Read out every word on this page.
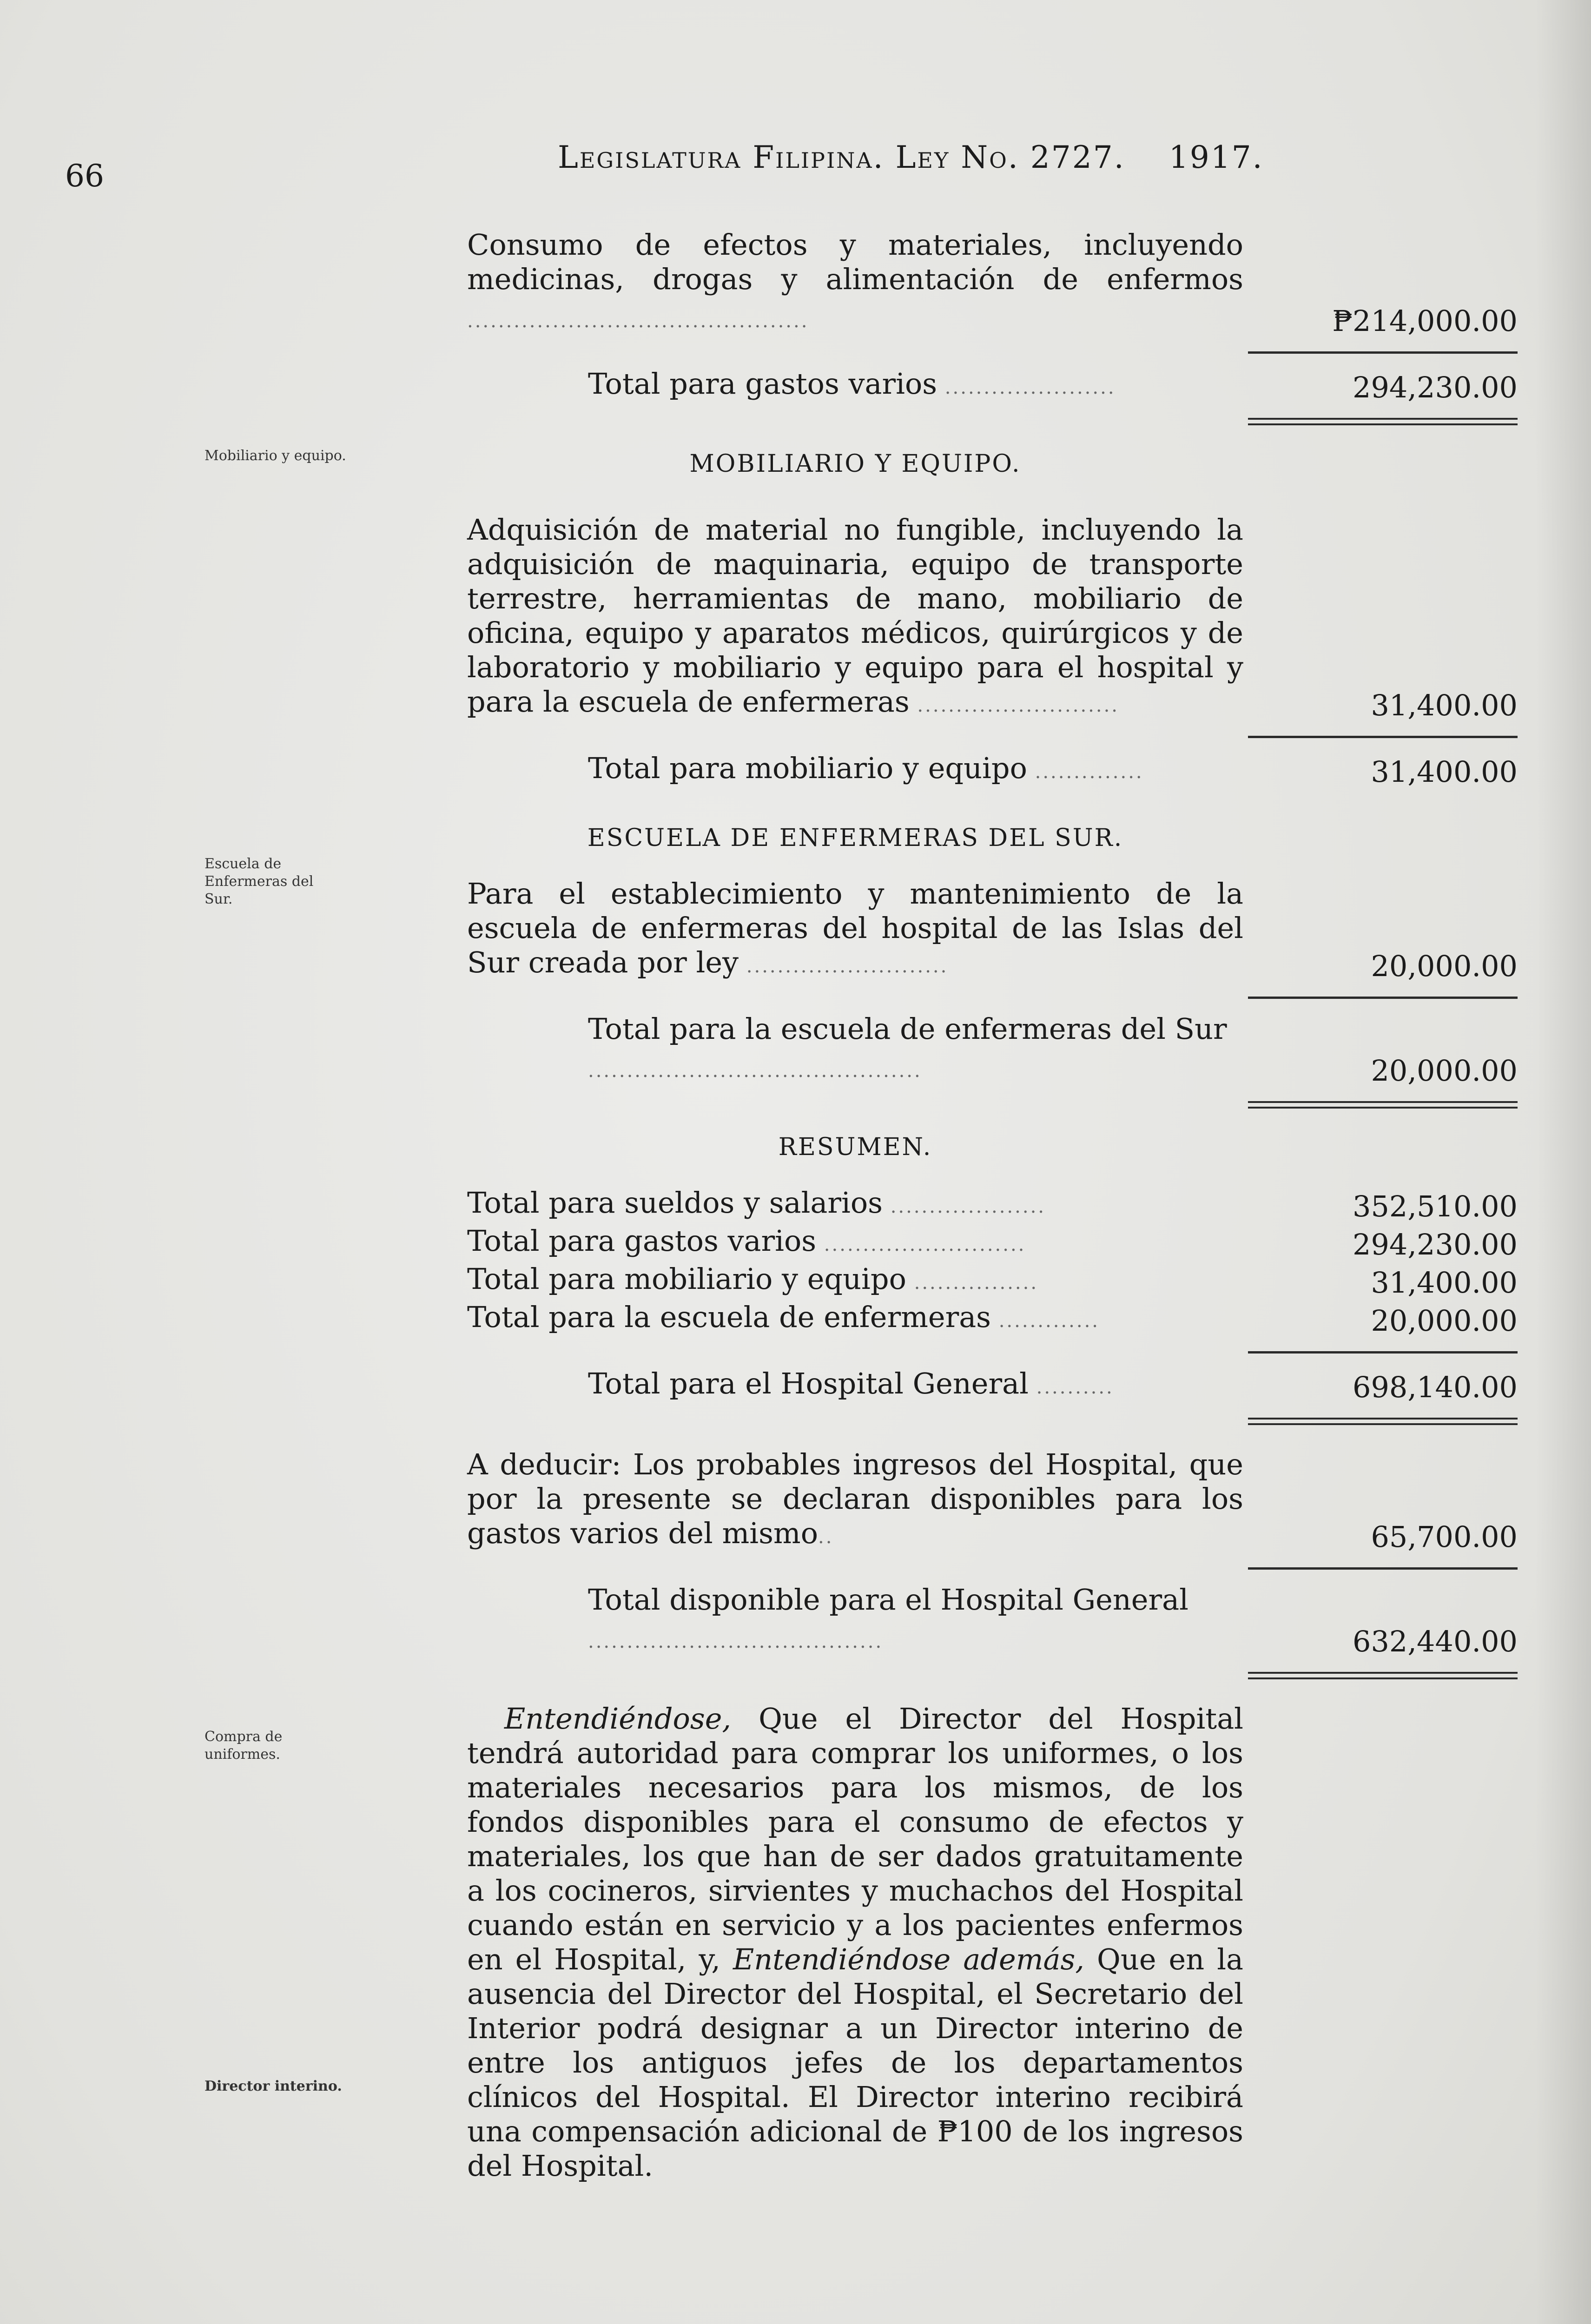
66
Legislatura Filipina. Ley No. 2727. 1917.
Mobiliario y equipo.
Escuela de Enfermeras del Sur.
Compra de uniformes.
Director interino.
Consumo de efectos y materiales, incluyendo medicinas, drogas y alimentación de enfermos ............................................	₱214,000.00
Total para gastos varios ......................	294,230.00
MOBILIARIO Y EQUIPO.
Adquisición de material no fungible, incluyendo la adquisición de maquinaria, equipo de transporte terrestre, herramientas de mano, mobiliario de oficina, equipo y aparatos médicos, quirúrgicos y de laboratorio y mobiliario y equipo para el hospital y para la escuela de enfermeras ..........................	31,400.00
Total para mobiliario y equipo ..............	31,400.00
ESCUELA DE ENFERMERAS DEL SUR.
Para el establecimiento y mantenimiento de la escuela de enfermeras del hospital de las Islas del Sur creada por ley ..........................	20,000.00
Total para la escuela de enfermeras del Sur ...........................................	20,000.00
RESUMEN.
Total para sueldos y salarios ....................	352,510.00
Total para gastos varios ..........................	294,230.00
Total para mobiliario y equipo ................	31,400.00
Total para la escuela de enfermeras .............	20,000.00
Total para el Hospital General ..........	698,140.00
A deducir: Los probables ingresos del Hospital, que por la presente se declaran disponibles para los gastos varios del mismo..	65,700.00
Total disponible para el Hospital General ......................................	632,440.00
Entendiéndose, Que el Director del Hospital tendrá autoridad para comprar los uniformes, o los materiales necesarios para los mismos, de los fondos disponibles para el consumo de efectos y materiales, los que han de ser dados gratuitamente a los cocineros, sirvientes y muchachos del Hospital cuando están en servicio y a los pacientes enfermos en el Hospital, y, Entendiéndose además, Que en la ausencia del Director del Hospital, el Secretario del Interior podrá designar a un Director interino de entre los antiguos jefes de los departamentos clínicos del Hospital. El Director interino recibirá una compensación adicional de ₱100 de los ingresos del Hospital.
